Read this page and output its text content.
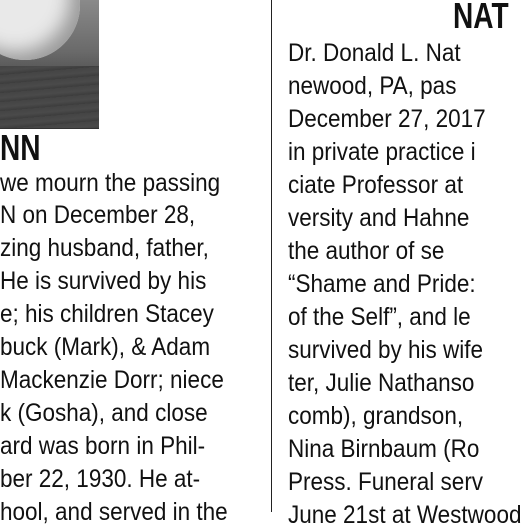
NN
we mourn the passing
N on December 28,
zing husband, father,
He is survived by his
e; his children Stacey
buck (Mark), & Adam
Mackenzie Dorr; niece
k (Gosha), and close
ard was born in Phil-
ber 22, 1930. He at-
hool, and served in the
NAT
Dr. Donald L. Nat
newood, PA, pas
December 27, 2017
in private practice i
ciate Professor at
versity and Hahne
the author of se
“Shame and Pride:
of the Self”, and le
survived by his wife
ter, Julie Nathanso
comb), grandson,
Nina Birnbaum (Ro
Press. Funeral serv
June 21st at Westwood
